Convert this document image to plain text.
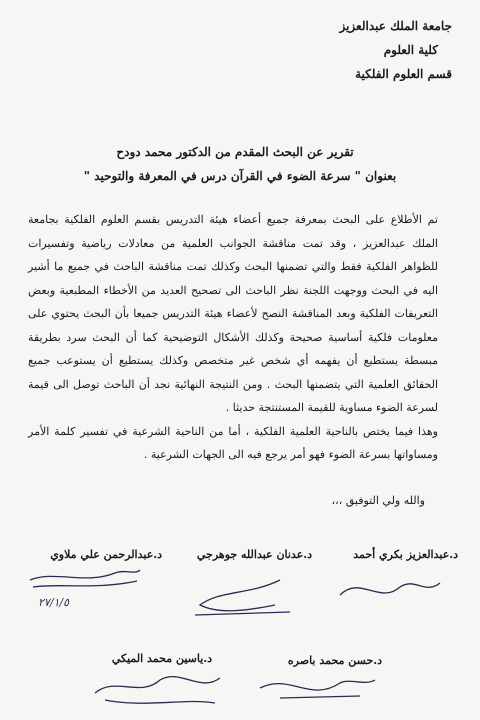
جامعة الملك عبدالعزيز
كلية العلوم
قسم العلوم الفلكية
تقرير عن البحث المقدم من الدكتور محمد دودح
بعنوان " سرعة الضوء في القرآن درس في المعرفة والتوحيد "

تم الأطلاع على البحث بمعرفة جميع أعضاء هيئة التدريس بقسم العلوم الفلكية بجامعة الملك عبدالعزيز ، وقد تمت مناقشة الجوانب العلمية من معادلات رياضية وتفسيرات للظواهر الفلكية فقط والتي تضمنها البحث وكذلك تمت مناقشة الباحث في جميع ما أشير اليه في البحث ووجهت اللجنة نظر الباحث الى تصحيح العديد من الأخطاء المطبعية وبعض التعريفات الفلكية وبعد المناقشة النصح لأعضاء هيئة التدريس جميعا بأن البحث يحتوي على معلومات فلكية أساسية صحيحة وكذلك الأشكال التوضيحية كما أن البحث سرد بطريقة مبسطة يستطيع أن يفهمه أي شخص غير متخصص وكذلك يستطيع أن يستوعب جميع الحقائق العلمية التي يتضمنها البحث . ومن النتيجة النهائية نجد أن الباحث توصل الى قيمة لسرعة الضوء مساوية للقيمة المستنتجة حديثا .

وهذا فيما يختص بالناحية العلمية الفلكية ، أما من الناحية الشرعية في تفسير كلمة الأمر ومساواتها بسرعة الضوء فهو أمر يرجع فيه الى الجهات الشرعية .

والله ولي التوفيق ،،،
د.عبدالعزيز بكري أحمد
د.عدنان عبدالله جوهرجي
د.عبدالرحمن علي ملاوي
٢٧/١/٥
د.حسن محمد باصره
د.ياسين محمد الميكي
